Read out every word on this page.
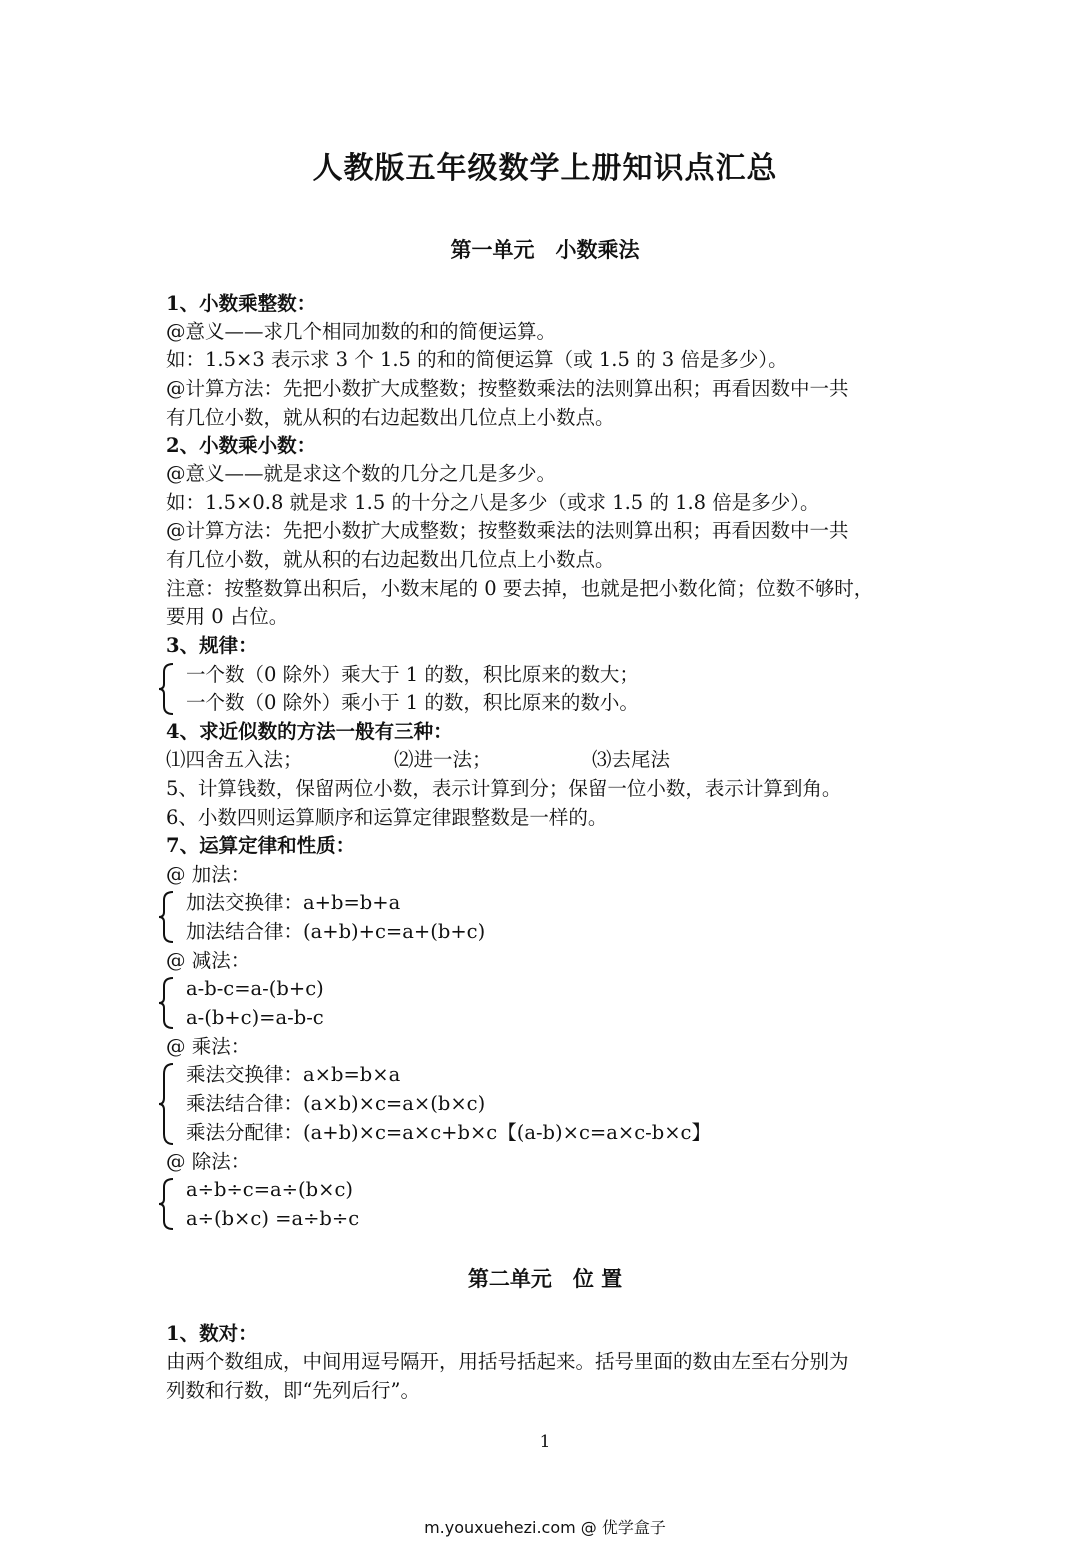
人教版五年级数学上册知识点汇总
第一单元　小数乘法
1、小数乘整数：
@意义——求几个相同加数的和的简便运算。
如：1.5×3 表示求 3 个 1.5 的和的简便运算（或 1.5 的 3 倍是多少）。
@计算方法：先把小数扩大成整数；按整数乘法的法则算出积；再看因数中一共
有几位小数，就从积的右边起数出几位点上小数点。
2、小数乘小数：
@意义——就是求这个数的几分之几是多少。
如：1.5×0.8 就是求 1.5 的十分之八是多少（或求 1.5 的 1.8 倍是多少）。
@计算方法：先把小数扩大成整数；按整数乘法的法则算出积；再看因数中一共
有几位小数，就从积的右边起数出几位点上小数点。
注意：按整数算出积后，小数末尾的 0 要去掉，也就是把小数化简；位数不够时，
要用 0 占位。
3、规律：
一个数（0 除外）乘大于 1 的数，积比原来的数大；
一个数（0 除外）乘小于 1 的数，积比原来的数小。
4、求近似数的方法一般有三种：
⑴四舍五入法；	⑵进一法；	⑶去尾法
5、计算钱数，保留两位小数，表示计算到分；保留一位小数，表示计算到角。
6、小数四则运算顺序和运算定律跟整数是一样的。
7、运算定律和性质：
@ 加法：
加法交换律：a+b=b+a
加法结合律：(a+b)+c=a+(b+c)
@ 减法：
a-b-c=a-(b+c)
a-(b+c)=a-b-c
@ 乘法：
乘法交换律：a×b=b×a
乘法结合律：(a×b)×c=a×(b×c)
乘法分配律：(a+b)×c=a×c+b×c【(a-b)×c=a×c-b×c】
@ 除法：
a÷b÷c=a÷(b×c)
a÷(b×c) =a÷b÷c
第二单元　位 置
1、数对：
由两个数组成，中间用逗号隔开，用括号括起来。括号里面的数由左至右分别为
列数和行数，即“先列后行”。
1
m.youxuehezi.com @ 优学盒子
